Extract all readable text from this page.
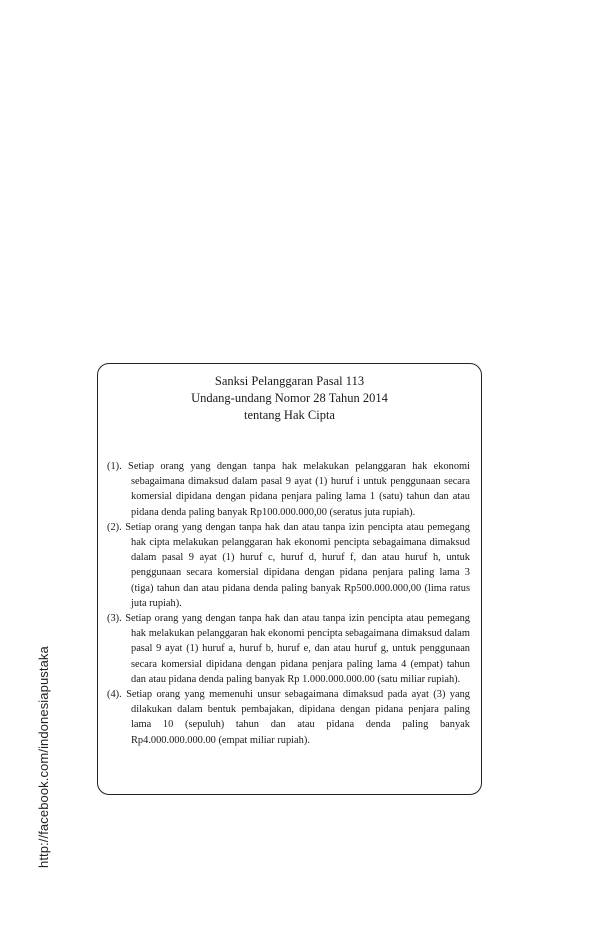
http://facebook.com/indonesiapustaka
Sanksi Pelanggaran Pasal 113
Undang-undang Nomor 28 Tahun 2014
tentang Hak Cipta
(1). Setiap orang yang dengan tanpa hak melakukan pelanggaran hak ekonomi sebagaimana dimaksud dalam pasal 9 ayat (1) huruf i untuk penggunaan secara komersial dipidana dengan pidana penjara paling lama 1 (satu) tahun dan atau pidana denda paling banyak Rp100.000.000,00 (seratus juta rupiah).
(2). Setiap orang yang dengan tanpa hak dan atau tanpa izin pencipta atau pemegang hak cipta melakukan pelanggaran hak ekonomi pencipta sebagaimana dimaksud dalam pasal 9 ayat (1) huruf c, huruf d, huruf f, dan atau huruf h, untuk penggunaan secara komersial dipidana dengan pidana penjara paling lama 3 (tiga) tahun dan atau pidana denda paling banyak Rp500.000.000,00 (lima ratus juta rupiah).
(3). Setiap orang yang dengan tanpa hak dan atau tanpa izin pencipta atau pemegang hak melakukan pelanggaran hak ekonomi pencipta sebagaimana dimaksud dalam pasal 9 ayat (1) huruf a, huruf b, huruf e, dan atau huruf g, untuk penggunaan secara komersial dipidana dengan pidana penjara paling lama 4 (empat) tahun dan atau pidana denda paling banyak Rp 1.000.000.000.00 (satu miliar rupiah).
(4). Setiap orang yang memenuhi unsur sebagaimana dimaksud pada ayat (3) yang dilakukan dalam bentuk pembajakan, dipidana dengan pidana penjara paling lama 10 (sepuluh) tahun dan atau pidana denda paling banyak Rp4.000.000.000.00 (empat miliar rupiah).
